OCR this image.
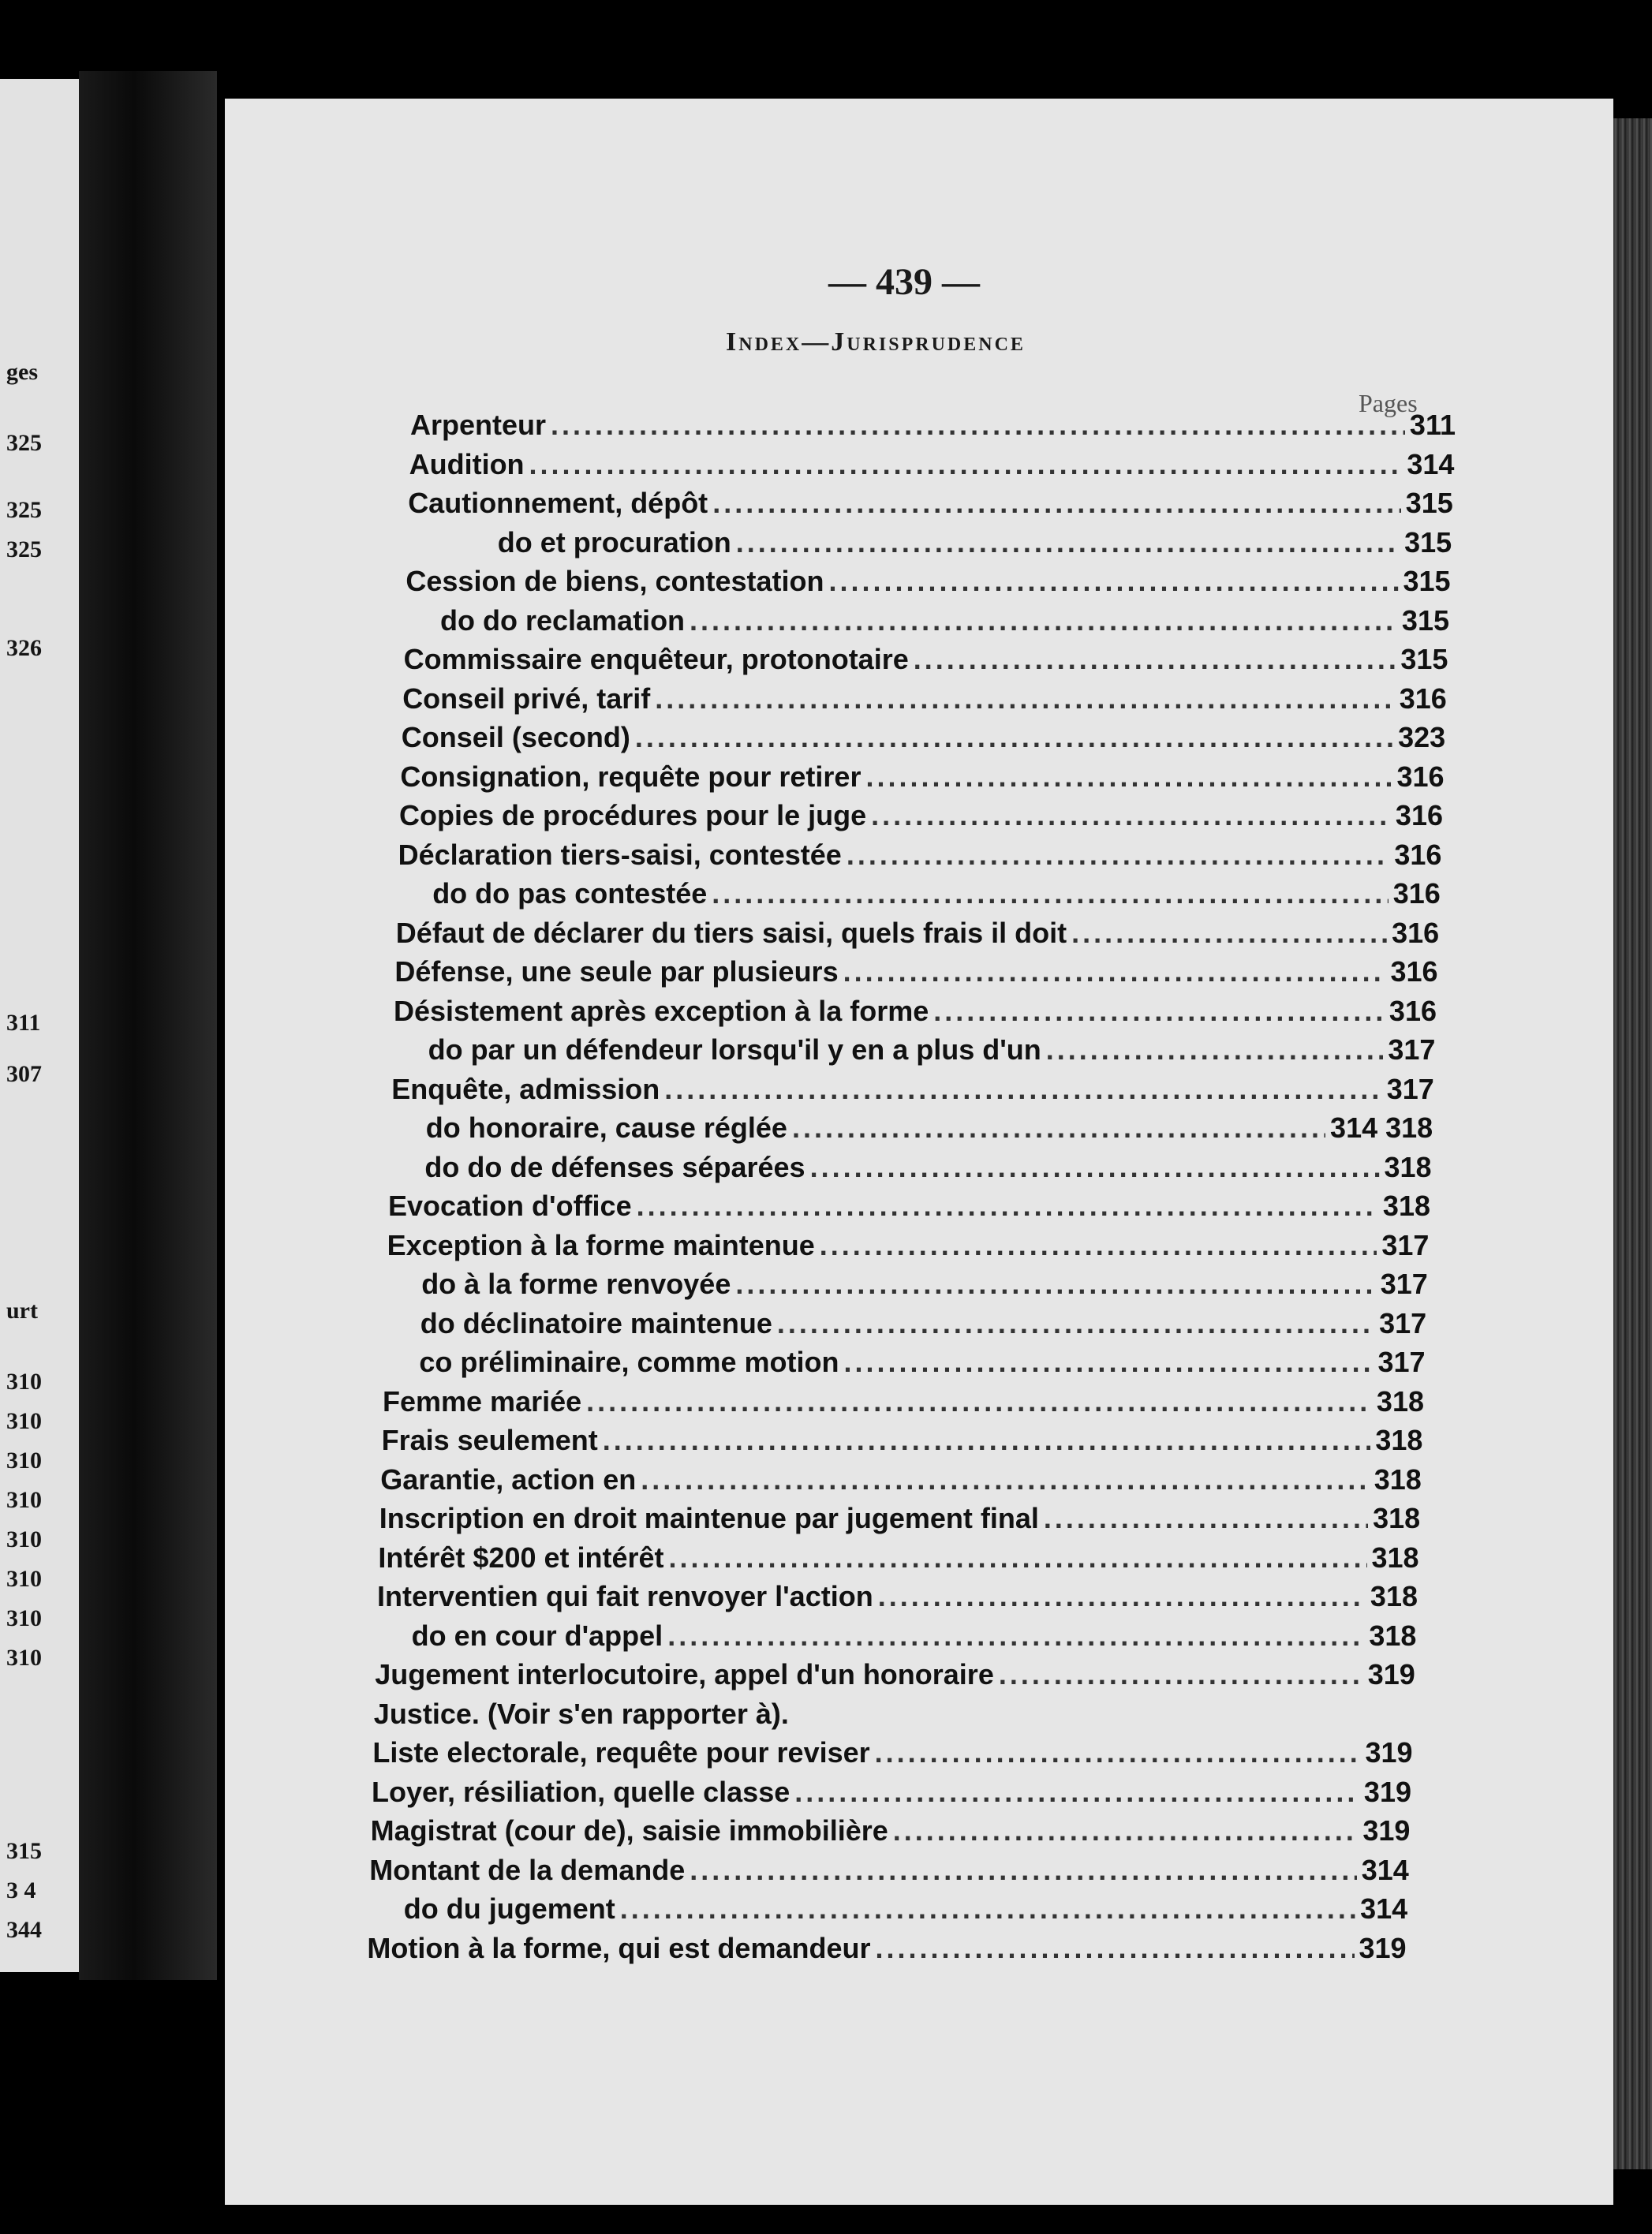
ges
325
325
325
326
311
307
urt
310
310
310
310
310
310
310
310
315
3 4
344
— 439 —
Index—Jurisprudence
Pages
Arpenteur .....	311
Audition .....	314
Cautionnement, dépôt .....	315
do et procuration .....	315
Cession de biens, contestation .....	315
do do reclamation .....	315
Commissaire enquêteur, protonotaire .....	315
Conseil privé, tarif .....	316
Conseil (second) .....	323
Consignation, requête pour retirer .....	316
Copies de procédures pour le juge .....	316
Déclaration tiers-saisi, contestée .....	316
do do pas contestée .....	316
Défaut de déclarer du tiers saisi, quels frais il doit .....	316
Défense, une seule par plusieurs .....	316
Désistement après exception à la forme .....	316
do par un défendeur lorsqu'il y en a plus d'un .....	317
Enquête, admission .....	317
do honoraire, cause réglée .....	314 318
do do de défenses séparées .....	318
Evocation d'office .....	318
Exception à la forme maintenue .....	317
do à la forme renvoyée .....	317
do déclinatoire maintenue .....	317
co préliminaire, comme motion .....	317
Femme mariée .....	318
Frais seulement .....	318
Garantie, action en .....	318
Inscription en droit maintenue par jugement final .....	318
Intérêt $200 et intérêt .....	318
Interventien qui fait renvoyer l'action .....	318
do en cour d'appel .....	318
Jugement interlocutoire, appel d'un honoraire .....	319
Justice. (Voir s'en rapporter à).
Liste electorale, requête pour reviser .....	319
Loyer, résiliation, quelle classe .....	319
Magistrat (cour de), saisie immobilière .....	319
Montant de la demande .....	314
do du jugement .....	314
Motion à la forme, qui est demandeur .....	319
